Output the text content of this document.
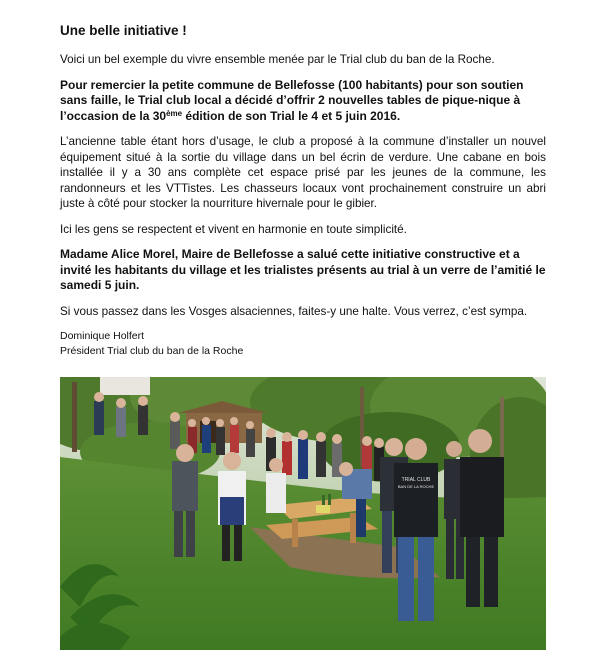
Une belle initiative !

Voici un bel exemple du vivre ensemble menée par le Trial club du ban de la Roche.

Pour remercier la petite commune de Bellefosse (100 habitants) pour son soutien sans faille, le Trial club local a décidé d’offrir 2 nouvelles tables de pique-nique à l’occasion de la 30ème édition de son Trial le 4 et 5 juin 2016.

L’ancienne table étant hors d’usage, le club a proposé à la commune d’installer un nouvel équipement situé à la sortie du village dans un bel écrin de verdure. Une cabane en bois installée il y a 30 ans complète cet espace prisé par les jeunes de la commune, les randonneurs et les VTTistes. Les chasseurs locaux vont prochainement construire un abri juste à côté pour stocker la nourriture hivernale pour le gibier.

Ici les gens se respectent et vivent en harmonie en toute simplicité.

Madame Alice Morel, Maire de Bellefosse a salué cette initiative constructive et a invité les habitants du village et les trialistes présents au trial à un verre de l’amitié le samedi 5 juin.

Si vous passez dans les Vosges alsaciennes, faites-y une halte. Vous verrez, c’est sympa.

Dominique Holfert
Président Trial club du ban de la Roche
TRIAL CLUB
BAN DE LA ROCHE
